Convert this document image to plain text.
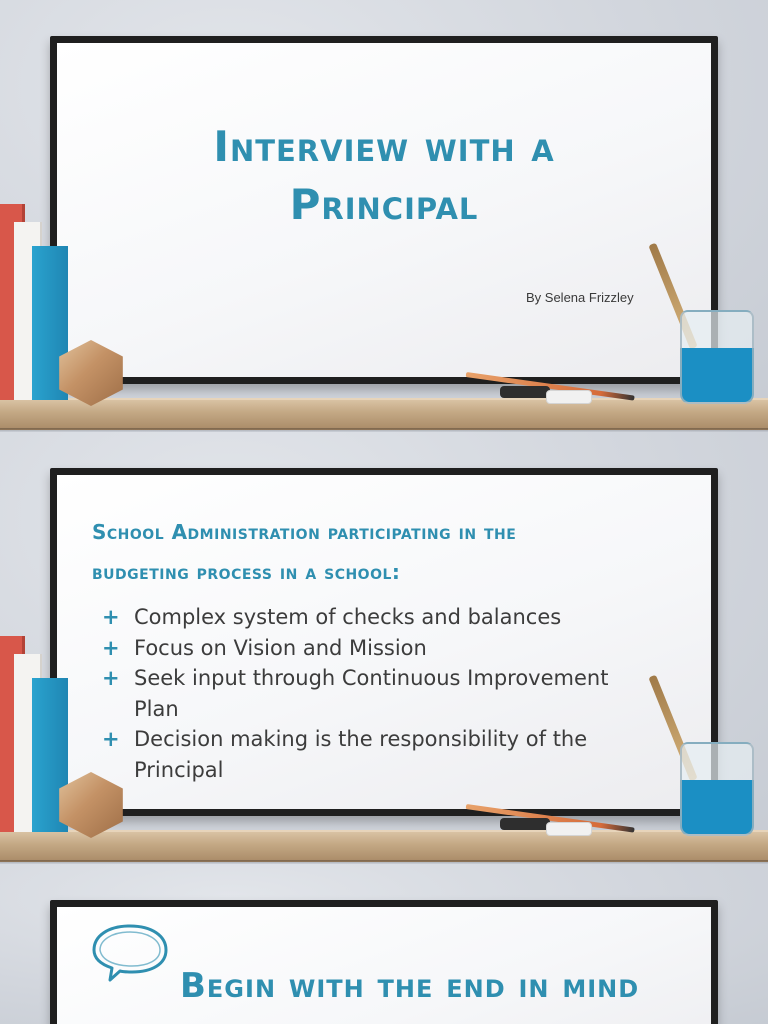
Interview with a
Principal
By Selena Frizzley
School Administration participating in the
budgeting process in a school:
+ Complex system of checks and balances
+ Focus on Vision and Mission
+ Seek input through Continuous Improvement Plan
+ Decision making is the responsibility of the Principal
Begin with the end in mind
